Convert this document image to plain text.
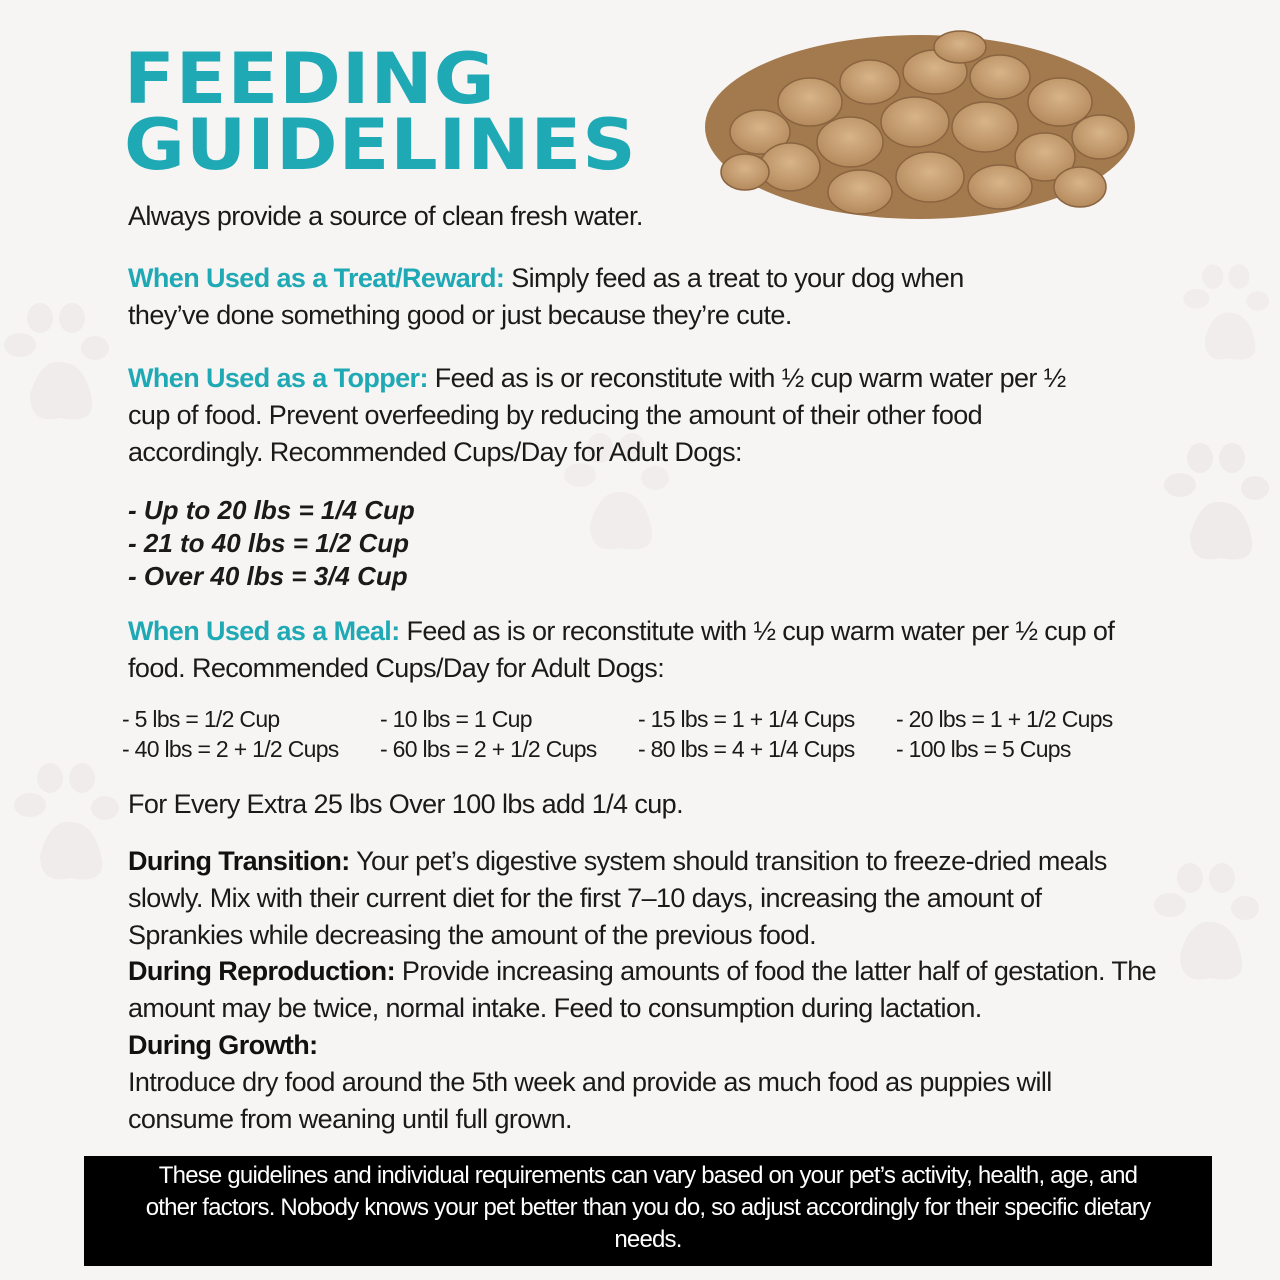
FEEDING
GUIDELINES
Always provide a source of clean fresh water.
When Used as a Treat/Reward: Simply feed as a treat to your dog when they’ve done something good or just because they’re cute.
When Used as a Topper: Feed as is or reconstitute with ½ cup warm water per ½ cup of food. Prevent overfeeding by reducing the amount of their other food accordingly. Recommended Cups/Day for Adult Dogs:
- Up to 20 lbs = 1/4 Cup
- 21 to 40 lbs = 1/2 Cup
- Over 40 lbs = 3/4 Cup
When Used as a Meal: Feed as is or reconstitute with ½ cup warm water per ½ cup of food. Recommended Cups/Day for Adult Dogs:
- 5 lbs = 1/2 Cup	- 10 lbs = 1 Cup	- 15 lbs = 1 + 1/4 Cups	- 20 lbs = 1 + 1/2 Cups
- 40 lbs = 2 + 1/2 Cups	- 60 lbs = 2 + 1/2 Cups	- 80 lbs = 4 + 1/4 Cups	- 100 lbs = 5 Cups
For Every Extra 25 lbs Over 100 lbs add 1/4 cup.
During Transition: Your pet’s digestive system should transition to freeze-dried meals slowly. Mix with their current diet for the first 7–10 days, increasing the amount of Sprankies while decreasing the amount of the previous food.
During Reproduction: Provide increasing amounts of food the latter half of gestation. The amount may be twice, normal intake. Feed to consumption during lactation.
During Growth:
Introduce dry food around the 5th week and provide as much food as puppies will consume from weaning until full grown.
These guidelines and individual requirements can vary based on your pet’s activity, health, age, and other factors. Nobody knows your pet better than you do, so adjust accordingly for their specific dietary needs.
